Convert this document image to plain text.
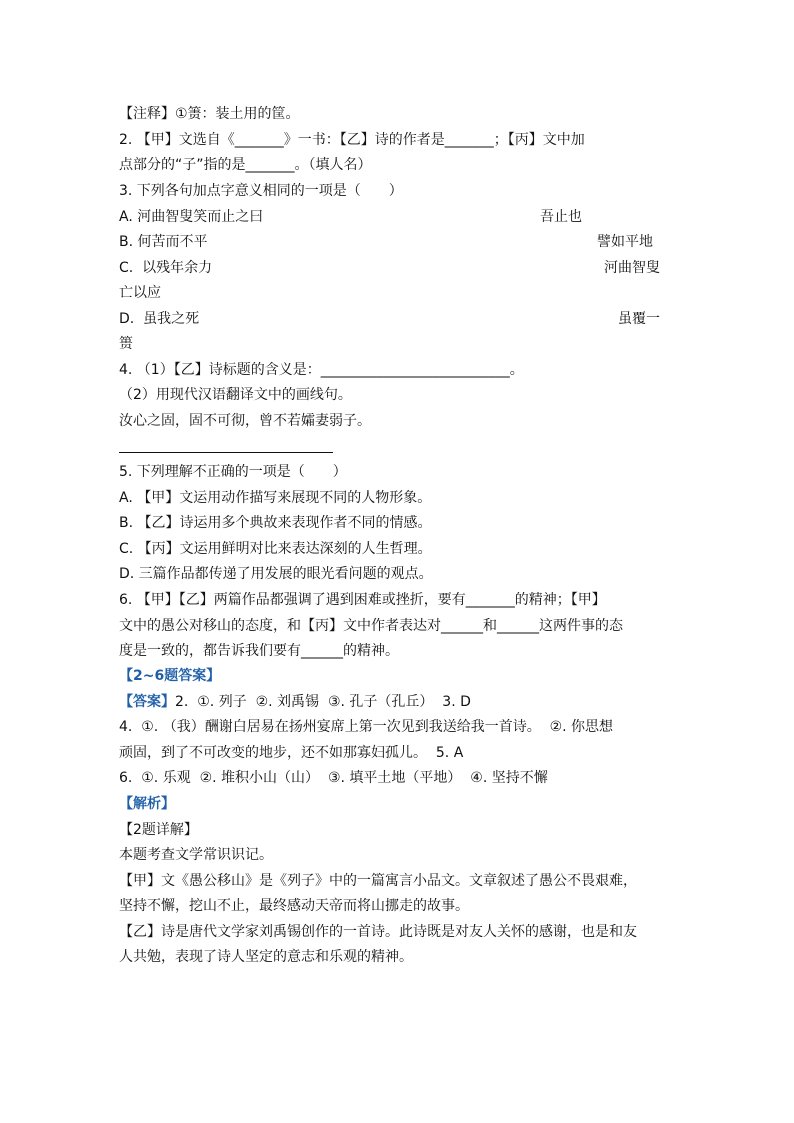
【注释】①箦：装土用的筐。
2. 【甲】文选自《_______》一书：【乙】诗的作者是_______；【丙】文中加
点部分的“子”指的是_______。（填人名）
3. 下列各句加点字意义相同的一项是（　　）
A. 河曲智叟笑而止之曰	吾止也
B. 何苦而不平	譬如平地
C.  以残年余力	河曲智叟
亡以应
D.  虽我之死	虽覆一
篑
4. （1）【乙】诗标题的含义是：___________________________。
（2）用现代汉语翻译文中的画线句。
汝心之固，固不可彻，曾不若孀妻弱子。
5. 下列理解不正确的一项是（　　）
A. 【甲】文运用动作描写来展现不同的人物形象。
B. 【乙】诗运用多个典故来表现作者不同的情感。
C. 【丙】文运用鲜明对比来表达深刻的人生哲理。
D. 三篇作品都传递了用发展的眼光看问题的观点。
6. 【甲】【乙】两篇作品都强调了遇到困难或挫折，要有_______的精神；【甲】
文中的愚公对移山的态度，和【丙】文中作者表达对______和______这两件事的态
度是一致的，都告诉我们要有______的精神。
【2~6题答案】
【答案】2.  ①. 列子  ②. 刘禹锡  ③. 孔子（孔丘）  3. D
4.  ①. （我）酬谢白居易在扬州宴席上第一次见到我送给我一首诗。  ②. 你思想
顽固，到了不可改变的地步，还不如那寡妇孤儿。  5. A
6.  ①. 乐观  ②. 堆积小山（山）  ③. 填平土地（平地）  ④. 坚持不懈
【解析】
【2题详解】
本题考查文学常识识记。
【甲】文《愚公移山》是《列子》中的一篇寓言小品文。文章叙述了愚公不畏艰难，
坚持不懈，挖山不止，最终感动天帝而将山挪走的故事。
【乙】诗是唐代文学家刘禹锡创作的一首诗。此诗既是对友人关怀的感谢，也是和友
人共勉，表现了诗人坚定的意志和乐观的精神。
